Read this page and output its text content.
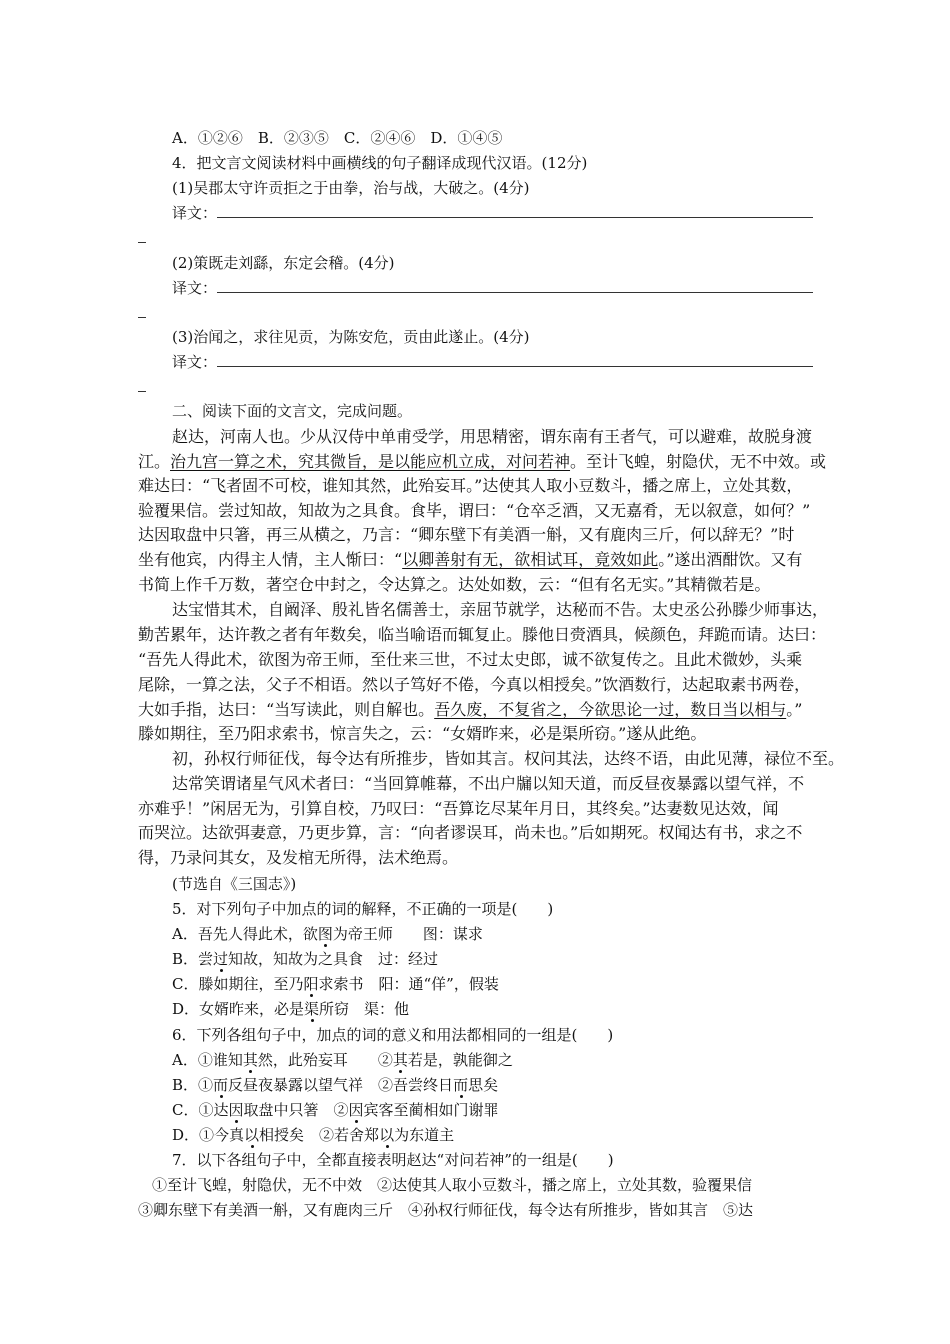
A．①②⑥　B．②③⑤　C．②④⑥　D．①④⑤
4．把文言文阅读材料中画横线的句子翻译成现代汉语。(12分)
(1)吴郡太守许贡拒之于由拳，治与战，大破之。(4分)
译文：
(2)策既走刘繇，东定会稽。(4分)
译文：
(3)治闻之，求往见贡，为陈安危，贡由此遂止。(4分)
译文：
二、阅读下面的文言文，完成问题。
赵达，河南人也。少从汉侍中单甫受学，用思精密，谓东南有王者气，可以避难，故脱身渡
江。治九宫一算之术，究其微旨，是以能应机立成，对问若神。至计飞蝗，射隐伏，无不中效。或
难达曰：“飞者固不可校，谁知其然，此殆妄耳。”达使其人取小豆数斗，播之席上，立处其数，
验覆果信。尝过知故，知故为之具食。食毕，谓曰：“仓卒乏酒，又无嘉肴，无以叙意，如何？”
达因取盘中只箸，再三从横之，乃言：“卿东壁下有美酒一斛，又有鹿肉三斤，何以辞无？”时
坐有他宾，内得主人情，主人惭曰：“以卿善射有无，欲相试耳，竟效如此。”遂出酒酣饮。又有
书简上作千万数，著空仓中封之，令达算之。达处如数，云：“但有名无实。”其精微若是。
达宝惜其术，自阚泽、殷礼皆名儒善士，亲屈节就学，达秘而不告。太史丞公孙滕少师事达，
勤苦累年，达许教之者有年数矣，临当喻语而辄复止。滕他日赍酒具，候颜色，拜跪而请。达曰：
“吾先人得此术，欲图为帝王师，至仕来三世，不过太史郎，诚不欲复传之。且此术微妙，头乘
尾除，一算之法，父子不相语。然以子笃好不倦，今真以相授矣。”饮酒数行，达起取素书两卷，
大如手指，达曰：“当写读此，则自解也。吾久废，不复省之，今欲思论一过，数日当以相与。”
滕如期往，至乃阳求索书，惊言失之，云：“女婿昨来，必是渠所窃。”遂从此绝。
初，孙权行师征伐，每令达有所推步，皆如其言。权问其法，达终不语，由此见薄，禄位不至。
达常笑谓诸星气风术者曰：“当回算帷幕，不出户牖以知天道，而反昼夜暴露以望气祥，不
亦难乎！”闲居无为，引算自校，乃叹曰：“吾算讫尽某年月日，其终矣。”达妻数见达效，闻
而哭泣。达欲弭妻意，乃更步算，言：“向者谬误耳，尚未也。”后如期死。权闻达有书，求之不
得，乃录问其女，及发棺无所得，法术绝焉。
(节选自《三国志》)
5．对下列句子中加点的词的解释，不正确的一项是(　　)
A．吾先人得此术，欲图为帝王师　　图：谋求
B．尝过知故，知故为之具食　过：经过
C．滕如期往，至乃阳求索书　阳：通“佯”，假装
D．女婿昨来，必是渠所窃　渠：他
6．下列各组句子中，加点的词的意义和用法都相同的一组是(　　)
A．①谁知其然，此殆妄耳　　②其若是，孰能御之
B．①而反昼夜暴露以望气祥　②吾尝终日而思矣
C．①达因取盘中只箸　②因宾客至蔺相如门谢罪
D．①今真以相授矣　②若舍郑以为东道主
7．以下各组句子中，全都直接表明赵达“对问若神”的一组是(　　)
①至计飞蝗，射隐伏，无不中效　②达使其人取小豆数斗，播之席上，立处其数，验覆果信
③卿东壁下有美酒一斛，又有鹿肉三斤　④孙权行师征伐，每令达有所推步，皆如其言　⑤达
